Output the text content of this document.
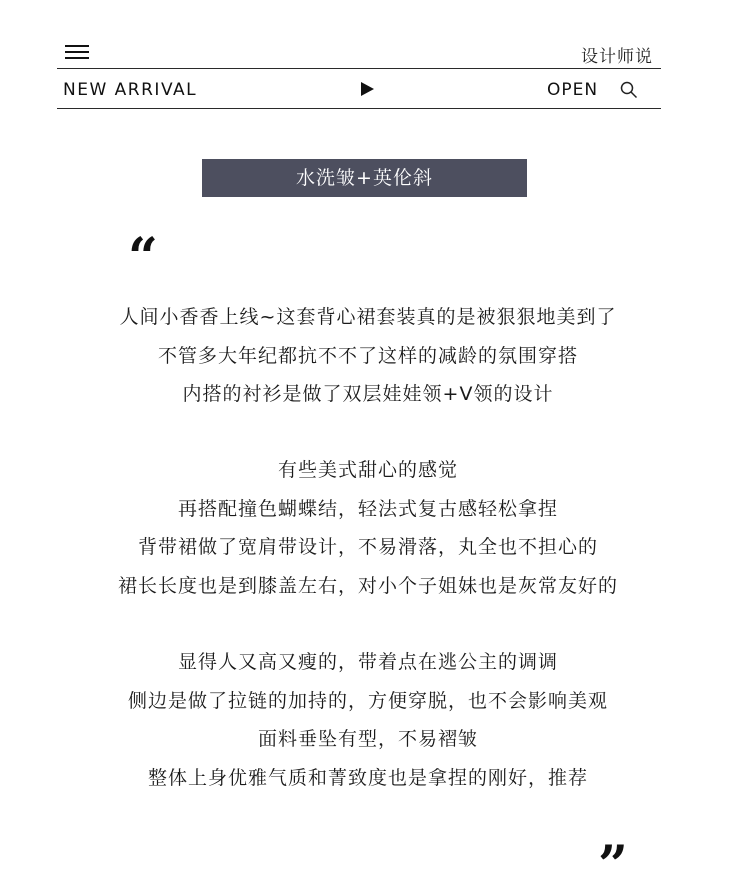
设计师说
NEW ARRIVAL	OPEN
水洗皱+英伦斜
“
人间小香香上线~这套背心裙套装真的是被狠狠地美到了
不管多大年纪都抗不不了这样的减龄的氛围穿搭
内搭的衬衫是做了双层娃娃领+V领的设计
有些美式甜心的感觉
再搭配撞色蝴蝶结，轻法式复古感轻松拿捏
背带裙做了宽肩带设计，不易滑落，丸全也不担心的
裙长长度也是到膝盖左右，对小个子姐妹也是灰常友好的
显得人又高又瘦的，带着点在逃公主的调调
侧边是做了拉链的加持的，方便穿脱，也不会影响美观
面料垂坠有型，不易褶皱
整体上身优雅气质和菁致度也是拿捏的刚好，推荐
”
